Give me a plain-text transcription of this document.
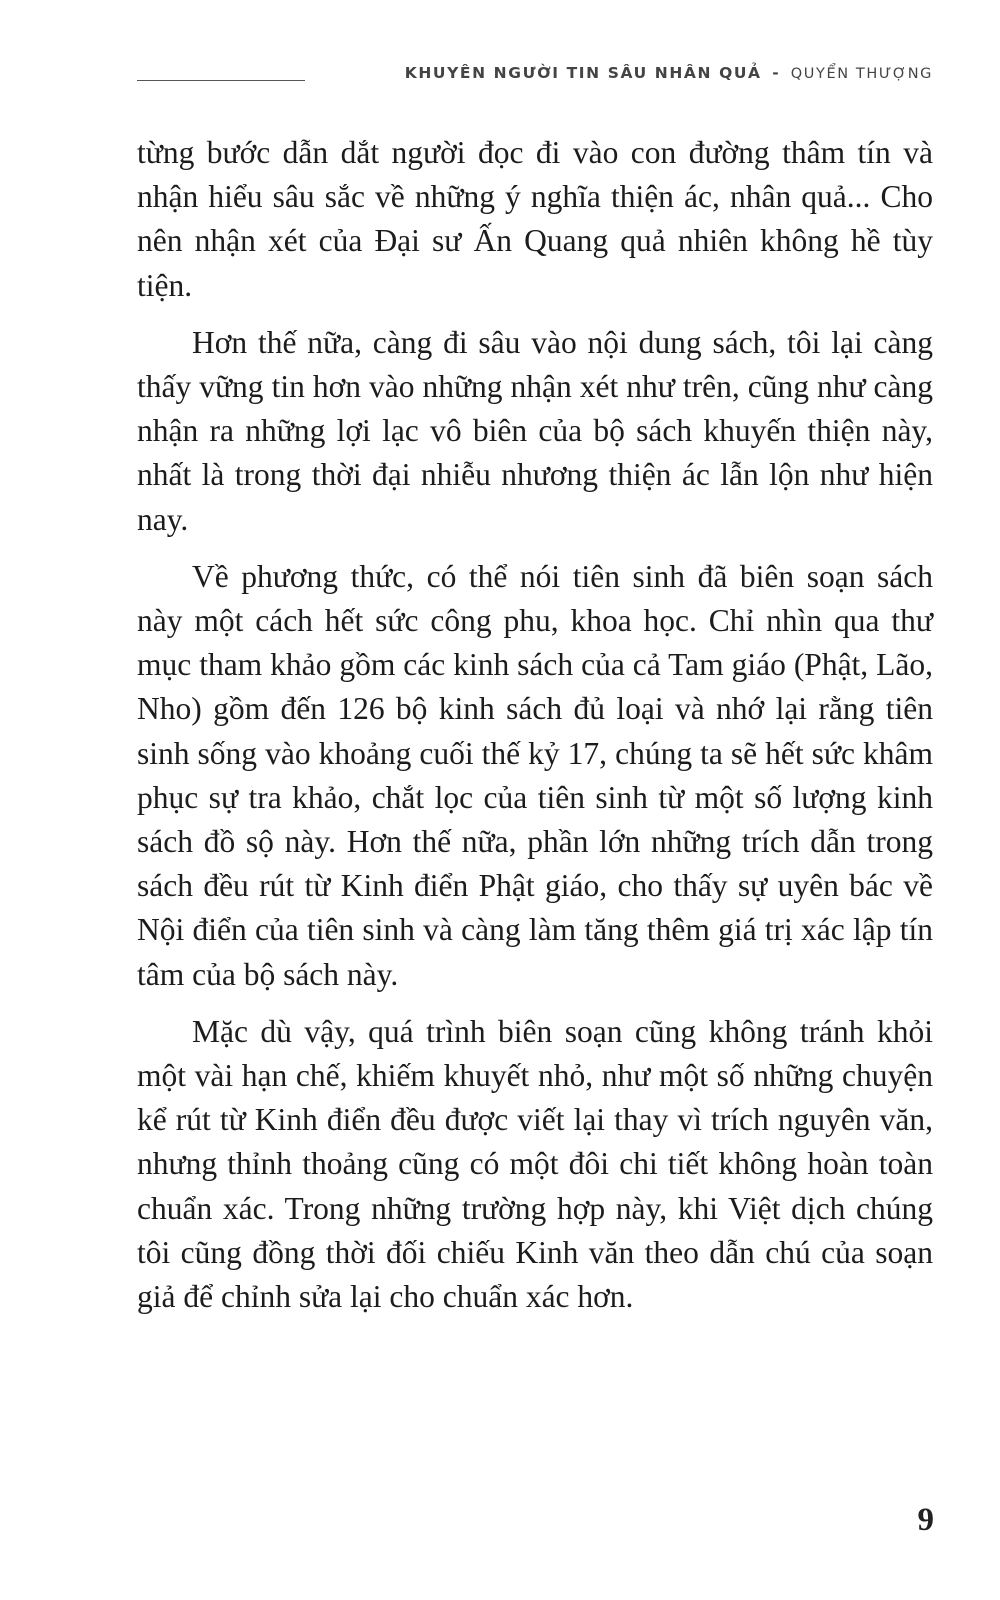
KHUYÊN NGƯỜI TIN SÂU NHÂN QUẢ - QUYỂN THƯỢNG

từng bước dẫn dắt người đọc đi vào con đường thâm tín và nhận hiểu sâu sắc về những ý nghĩa thiện ác, nhân quả... Cho nên nhận xét của Đại sư Ấn Quang quả nhiên không hề tùy tiện.

Hơn thế nữa, càng đi sâu vào nội dung sách, tôi lại càng thấy vững tin hơn vào những nhận xét như trên, cũng như càng nhận ra những lợi lạc vô biên của bộ sách khuyến thiện này, nhất là trong thời đại nhiễu nhương thiện ác lẫn lộn như hiện nay.

Về phương thức, có thể nói tiên sinh đã biên soạn sách này một cách hết sức công phu, khoa học. Chỉ nhìn qua thư mục tham khảo gồm các kinh sách của cả Tam giáo (Phật, Lão, Nho) gồm đến 126 bộ kinh sách đủ loại và nhớ lại rằng tiên sinh sống vào khoảng cuối thế kỷ 17, chúng ta sẽ hết sức khâm phục sự tra khảo, chắt lọc của tiên sinh từ một số lượng kinh sách đồ sộ này. Hơn thế nữa, phần lớn những trích dẫn trong sách đều rút từ Kinh điển Phật giáo, cho thấy sự uyên bác về Nội điển của tiên sinh và càng làm tăng thêm giá trị xác lập tín tâm của bộ sách này.

Mặc dù vậy, quá trình biên soạn cũng không tránh khỏi một vài hạn chế, khiếm khuyết nhỏ, như một số những chuyện kể rút từ Kinh điển đều được viết lại thay vì trích nguyên văn, nhưng thỉnh thoảng cũng có một đôi chi tiết không hoàn toàn chuẩn xác. Trong những trường hợp này, khi Việt dịch chúng tôi cũng đồng thời đối chiếu Kinh văn theo dẫn chú của soạn giả để chỉnh sửa lại cho chuẩn xác hơn.

9
